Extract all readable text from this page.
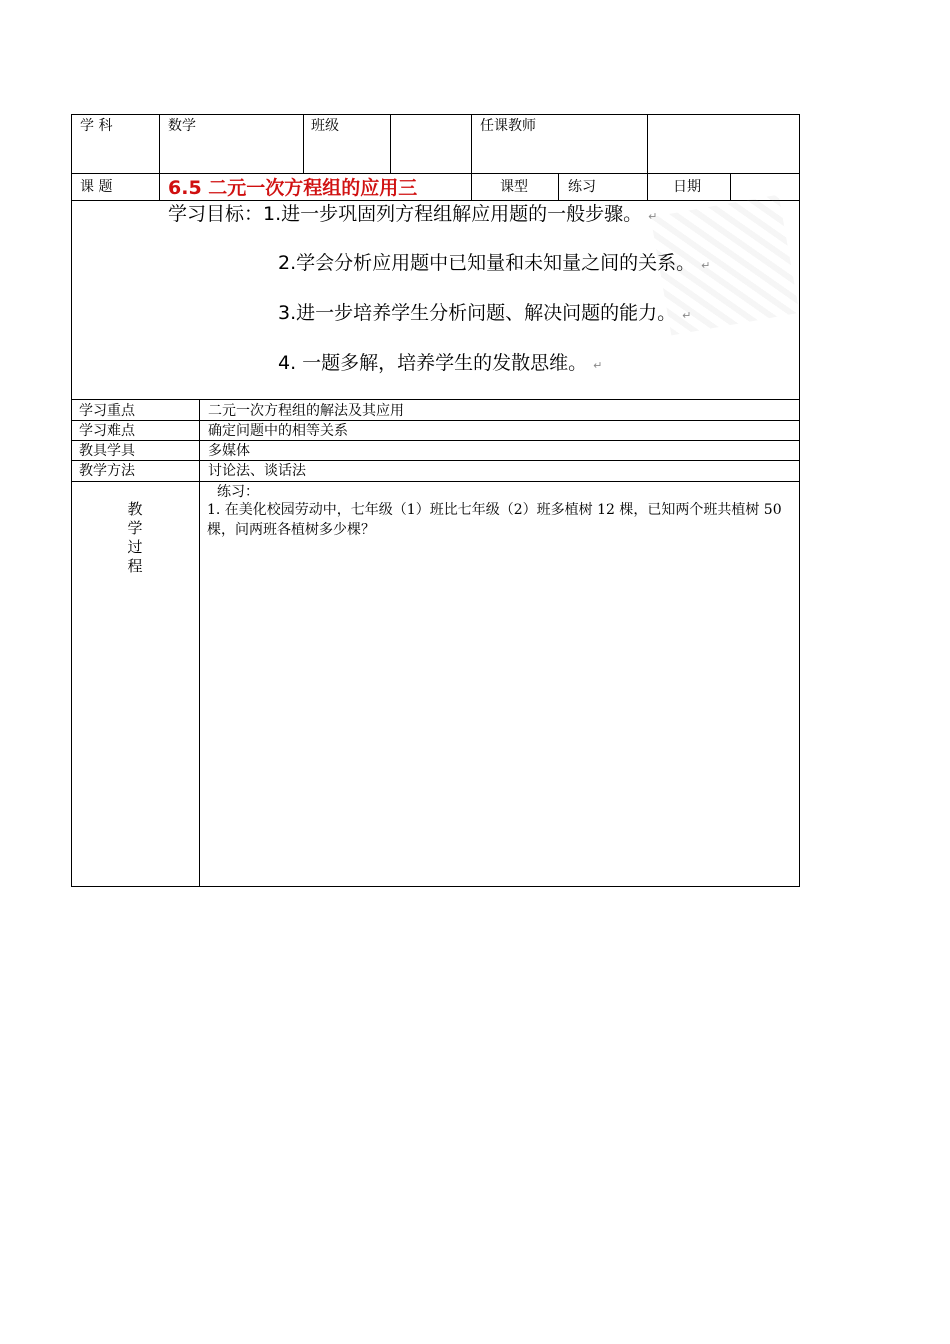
学 科	数学	班级	任课教师
课 题	6.5 二元一次方程组的应用三	课型	练习	日期
学习目标：1.进一步巩固列方程组解应用题的一般步骤。 ↵
2.学会分析应用题中已知量和未知量之间的关系。 ↵
3.进一步培养学生分析问题、解决问题的能力。 ↵
4. 一题多解，培养学生的发散思维。 ↵
学习重点	二元一次方程组的解法及其应用
学习难点	确定问题中的相等关系
教具学具	多媒体
教学方法	讨论法、谈话法
教
学
过
程
练习：
1. 在美化校园劳动中，七年级（1）班比七年级（2）班多植树 12 棵，已知两个班共植树 50 棵，问两班各植树多少棵？
